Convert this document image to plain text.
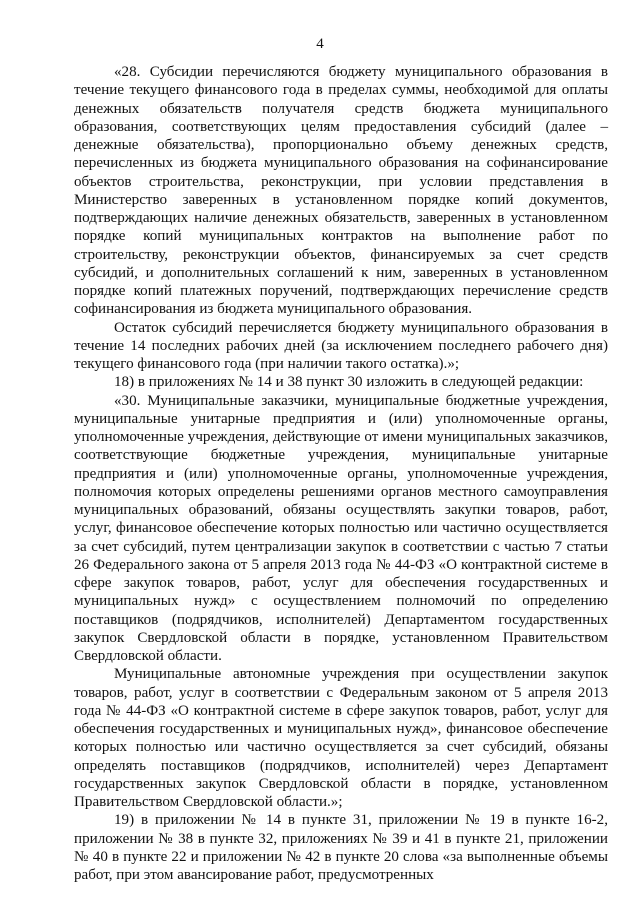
4

«28. Субсидии перечисляются бюджету муниципального образования в течение текущего финансового года в пределах суммы, необходимой для оплаты денежных обязательств получателя средств бюджета муниципального образования, соответствующих целям предоставления субсидий (далее – денежные обязательства), пропорционально объему денежных средств, перечисленных из бюджета муниципального образования на софинансирование объектов строительства, реконструкции, при условии представления в Министерство заверенных в установленном порядке копий документов, подтверждающих наличие денежных обязательств, заверенных в установленном порядке копий муниципальных контрактов на выполнение работ по строительству, реконструкции объектов, финансируемых за счет средств субсидий, и дополнительных соглашений к ним, заверенных в установленном порядке копий платежных поручений, подтверждающих перечисление средств софинансирования из бюджета муниципального образования.

Остаток субсидий перечисляется бюджету муниципального образования в течение 14 последних рабочих дней (за исключением последнего рабочего дня) текущего финансового года (при наличии такого остатка).»;

18) в приложениях № 14 и 38 пункт 30 изложить в следующей редакции:

«30. Муниципальные заказчики, муниципальные бюджетные учреждения, муниципальные унитарные предприятия и (или) уполномоченные органы, уполномоченные учреждения, действующие от имени муниципальных заказчиков, соответствующие бюджетные учреждения, муниципальные унитарные предприятия и (или) уполномоченные органы, уполномоченные учреждения, полномочия которых определены решениями органов местного самоуправления муниципальных образований, обязаны осуществлять закупки товаров, работ, услуг, финансовое обеспечение которых полностью или частично осуществляется за счет субсидий, путем централизации закупок в соответствии с частью 7 статьи 26 Федерального закона от 5 апреля 2013 года № 44-ФЗ «О контрактной системе в сфере закупок товаров, работ, услуг для обеспечения государственных и муниципальных нужд» с осуществлением полномочий по определению поставщиков (подрядчиков, исполнителей) Департаментом государственных закупок Свердловской области в порядке, установленном Правительством Свердловской области.

Муниципальные автономные учреждения при осуществлении закупок товаров, работ, услуг в соответствии с Федеральным законом от 5 апреля 2013 года № 44-ФЗ «О контрактной системе в сфере закупок товаров, работ, услуг для обеспечения государственных и муниципальных нужд», финансовое обеспечение которых полностью или частично осуществляется за счет субсидий, обязаны определять поставщиков (подрядчиков, исполнителей) через Департамент государственных закупок Свердловской области в порядке, установленном Правительством Свердловской области.»;

19) в приложении № 14 в пункте 31, приложении № 19 в пункте 16-2, приложении № 38 в пункте 32, приложениях № 39 и 41 в пункте 21, приложении № 40 в пункте 22 и приложении № 42 в пункте 20 слова «за выполненные объемы работ, при этом авансирование работ, предусмотренных
